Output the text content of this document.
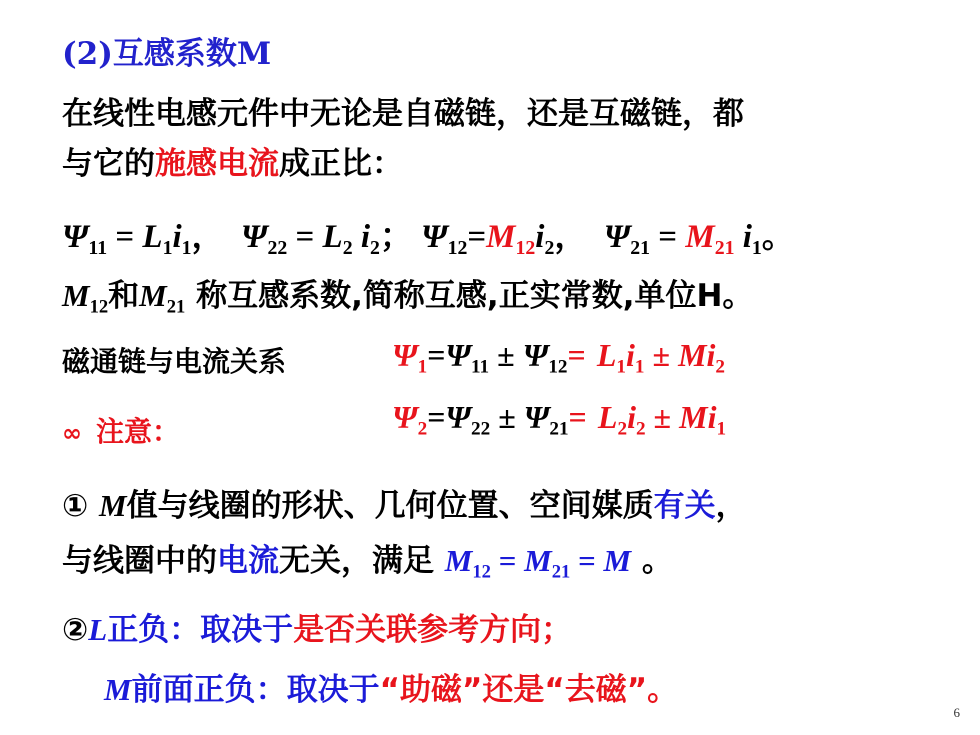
(2)互感系数M
在线性电感元件中无论是自磁链，还是互磁链，都
与它的施感电流成正比：
$\Psi_{11} = L_1i_1$， $\Psi_{22} = L_2$ $i_2$； $\Psi_{12}=M_{12}i_2$， $\Psi_{21} = M_{21}$ $i_1$。
$M_{12}$和$M_{21}$ 称互感系数,简称互感,正实常数,单位H。
磁通链与电流关系
∞ 注意：
$\Psi_1=\Psi_{11} \pm \Psi_{12}= L_1i_1 \pm Mi_2$
$\Psi_2=\Psi_{22} \pm \Psi_{21}= L_2i_2 \pm Mi_1$
① M值与线圈的形状、几何位置、空间媒质有关，
与线圈中的电流无关，满足 $M_{12} = M_{21} = M$ 。
②L正负：取决于是否关联参考方向；
M前面正负：取决于“助磁”还是“去磁”。
6
